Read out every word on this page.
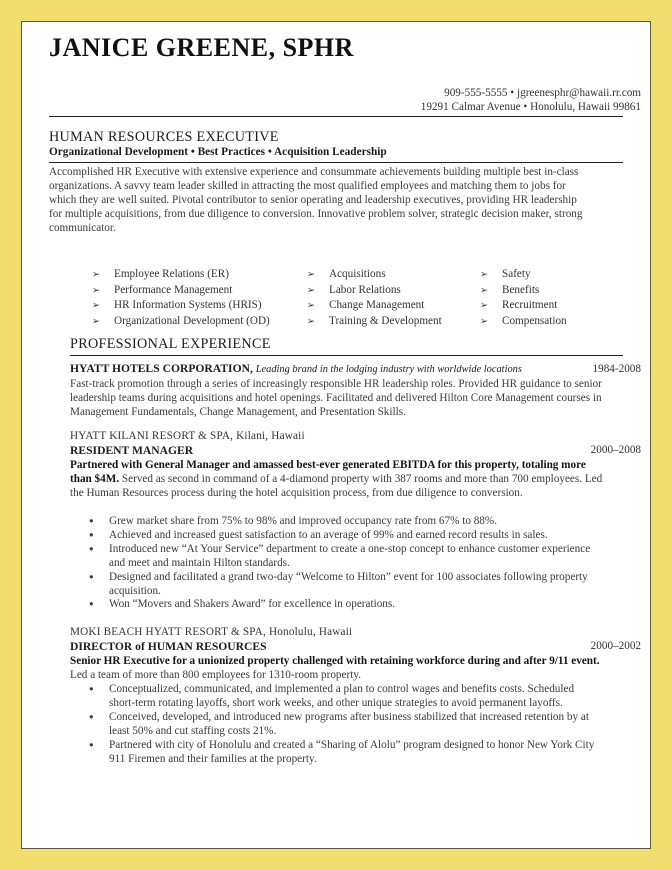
JANICE GREENE, SPHR
909-555-5555 • jgreenesphr@hawaii.rr.com
19291 Calmar Avenue • Honolulu, Hawaii 99861
HUMAN RESOURCES EXECUTIVE
Organizational Development • Best Practices • Acquisition Leadership
Accomplished HR Executive with extensive experience and consummate achievements building multiple best in-class organizations. A savvy team leader skilled in attracting the most qualified employees and matching them to jobs for which they are well suited. Pivotal contributor to senior operating and leadership executives, providing HR leadership for multiple acquisitions, from due diligence to conversion. Innovative problem solver, strategic decision maker, strong communicator.
➢ Employee Relations (ER)
➢ Performance Management
➢ HR Information Systems (HRIS)
➢ Organizational Development (OD)
➢ Acquisitions
➢ Labor Relations
➢ Change Management
➢ Training & Development
➢ Safety
➢ Benefits
➢ Recruitment
➢ Compensation
PROFESSIONAL EXPERIENCE
HYATT HOTELS CORPORATION, Leading brand in the lodging industry with worldwide locations	1984-2008
Fast-track promotion through a series of increasingly responsible HR leadership roles. Provided HR guidance to senior leadership teams during acquisitions and hotel openings. Facilitated and delivered Hilton Core Management courses in Management Fundamentals, Change Management, and Presentation Skills.
HYATT KILANI RESORT & SPA, Kilani, Hawaii
RESIDENT MANAGER	2000–2008
Partnered with General Manager and amassed best-ever generated EBITDA for this property, totaling more than $4M. Served as second in command of a 4-diamond property with 387 rooms and more than 700 employees. Led the Human Resources process during the hotel acquisition process, from due diligence to conversion.
• Grew market share from 75% to 98% and improved occupancy rate from 67% to 88%.
• Achieved and increased guest satisfaction to an average of 99% and earned record results in sales.
• Introduced new “At Your Service” department to create a one-stop concept to enhance customer experience and meet and maintain Hilton standards.
• Designed and facilitated a grand two-day “Welcome to Hilton” event for 100 associates following property acquisition.
• Won “Movers and Shakers Award” for excellence in operations.
MOKI BEACH HYATT RESORT & SPA, Honolulu, Hawaii
DIRECTOR of HUMAN RESOURCES	2000–2002
Senior HR Executive for a unionized property challenged with retaining workforce during and after 9/11 event. Led a team of more than 800 employees for 1310-room property.
• Conceptualized, communicated, and implemented a plan to control wages and benefits costs. Scheduled short-term rotating layoffs, short work weeks, and other unique strategies to avoid permanent layoffs.
• Conceived, developed, and introduced new programs after business stabilized that increased retention by at least 50% and cut staffing costs 21%.
• Partnered with city of Honolulu and created a “Sharing of Alolu” program designed to honor New York City 911 Firemen and their families at the property.
